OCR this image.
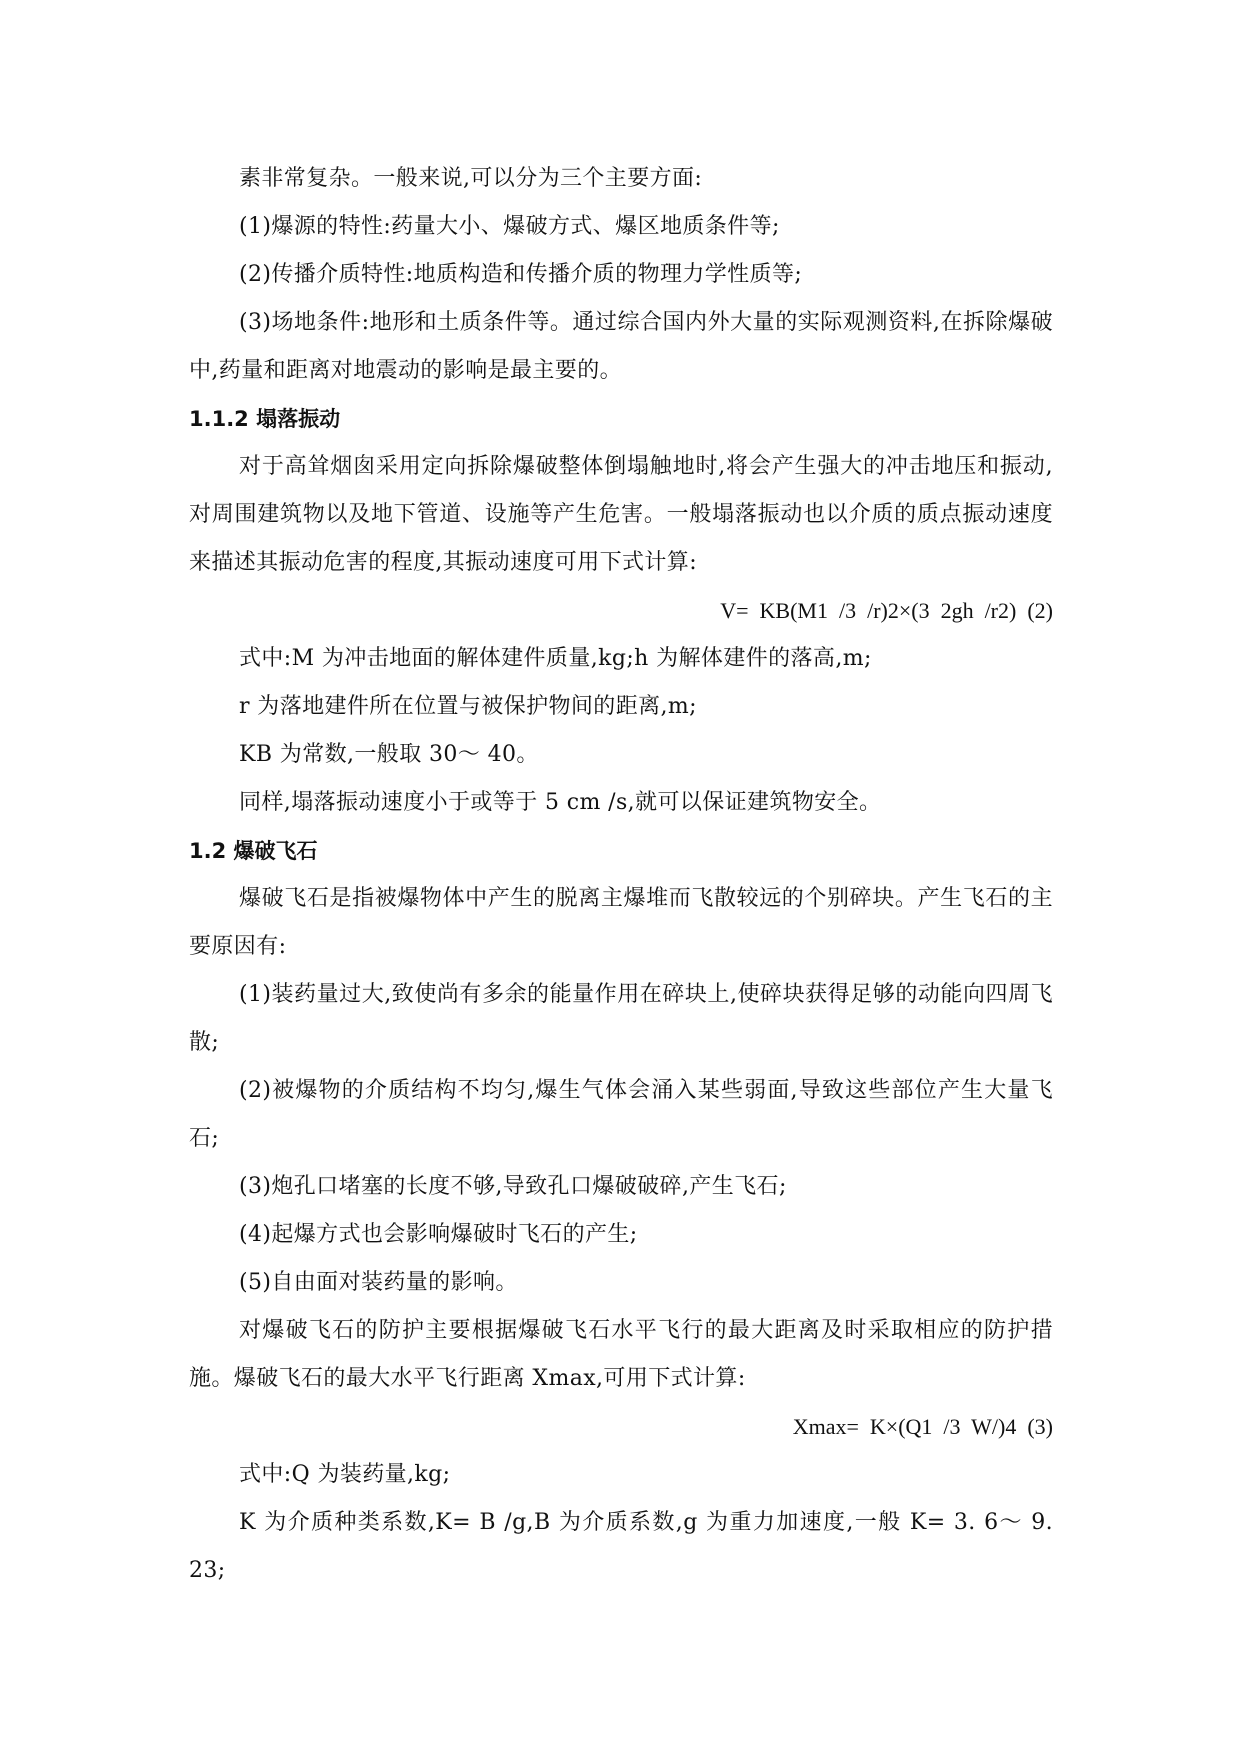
素非常复杂。一般来说,可以分为三个主要方面:

(1)爆源的特性:药量大小、爆破方式、爆区地质条件等;

(2)传播介质特性:地质构造和传播介质的物理力学性质等;

(3)场地条件:地形和土质条件等。通过综合国内外大量的实际观测资料,在拆除爆破中,药量和距离对地震动的影响是最主要的。

1.1.2 塌落振动

对于高耸烟囱采用定向拆除爆破整体倒塌触地时,将会产生强大的冲击地压和振动,对周围建筑物以及地下管道、设施等产生危害。一般塌落振动也以介质的质点振动速度来描述其振动危害的程度,其振动速度可用下式计算:

V=  KB(M1  /3  /r)2×(3  2gh  /r2)  (2)

式中:M 为冲击地面的解体建件质量,kg;h 为解体建件的落高,m;

r 为落地建件所在位置与被保护物间的距离,m;

KB 为常数,一般取 30～ 40。

同样,塌落振动速度小于或等于 5 cm /s,就可以保证建筑物安全。

1.2 爆破飞石

爆破飞石是指被爆物体中产生的脱离主爆堆而飞散较远的个别碎块。产生飞石的主要原因有:

(1)装药量过大,致使尚有多余的能量作用在碎块上,使碎块获得足够的动能向四周飞散;

(2)被爆物的介质结构不均匀,爆生气体会涌入某些弱面,导致这些部位产生大量飞石;

(3)炮孔口堵塞的长度不够,导致孔口爆破破碎,产生飞石;

(4)起爆方式也会影响爆破时飞石的产生;

(5)自由面对装药量的影响。

对爆破飞石的防护主要根据爆破飞石水平飞行的最大距离及时采取相应的防护措施。爆破飞石的最大水平飞行距离 Xmax,可用下式计算:

Xmax=  K×(Q1  /3  W/)4  (3)

式中:Q 为装药量,kg;

K 为介质种类系数,K= B /g,B 为介质系数,g 为重力加速度,一般 K= 3. 6～ 9. 23;
